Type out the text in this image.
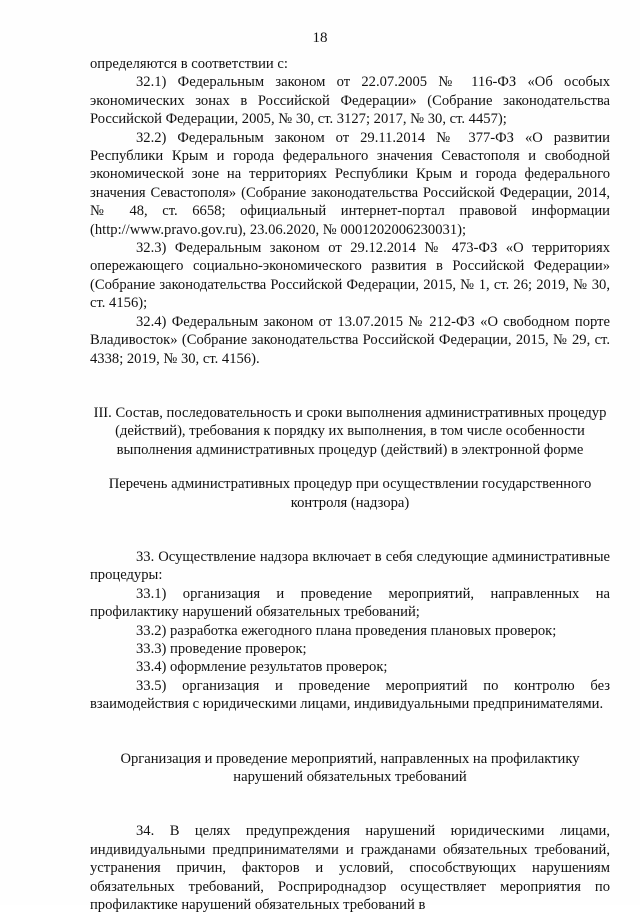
18

определяются в соответствии с:

32.1) Федеральным законом от 22.07.2005 № 116-ФЗ «Об особых экономических зонах в Российской Федерации» (Собрание законодательства Российской Федерации, 2005, № 30, ст. 3127; 2017, № 30, ст. 4457);

32.2) Федеральным законом от 29.11.2014 № 377-ФЗ «О развитии Республики Крым и города федерального значения Севастополя и свободной экономической зоне на территориях Республики Крым и города федерального значения Севастополя» (Собрание законодательства Российской Федерации, 2014, № 48, ст. 6658; официальный интернет-портал правовой информации (http://www.pravo.gov.ru), 23.06.2020, № 0001202006230031);

32.3) Федеральным законом от 29.12.2014 № 473-ФЗ «О территориях опережающего социально-экономического развития в Российской Федерации» (Собрание законодательства Российской Федерации, 2015, № 1, ст. 26; 2019, № 30, ст. 4156);

32.4) Федеральным законом от 13.07.2015 № 212-ФЗ «О свободном порте Владивосток» (Собрание законодательства Российской Федерации, 2015, № 29, ст. 4338; 2019, № 30, ст. 4156).

III. Состав, последовательность и сроки выполнения административных процедур (действий), требования к порядку их выполнения, в том числе особенности выполнения административных процедур (действий) в электронной форме

Перечень административных процедур при осуществлении государственного контроля (надзора)

33. Осуществление надзора включает в себя следующие административные процедуры:

33.1) организация и проведение мероприятий, направленных на профилактику нарушений обязательных требований;

33.2) разработка ежегодного плана проведения плановых проверок;

33.3) проведение проверок;

33.4) оформление результатов проверок;

33.5) организация и проведение мероприятий по контролю без взаимодействия с юридическими лицами, индивидуальными предпринимателями.

Организация и проведение мероприятий, направленных на профилактику нарушений обязательных требований

34. В целях предупреждения нарушений юридическими лицами, индивидуальными предпринимателями и гражданами обязательных требований, устранения причин, факторов и условий, способствующих нарушениям обязательных требований, Росприроднадзор осуществляет мероприятия по профилактике нарушений обязательных требований в
